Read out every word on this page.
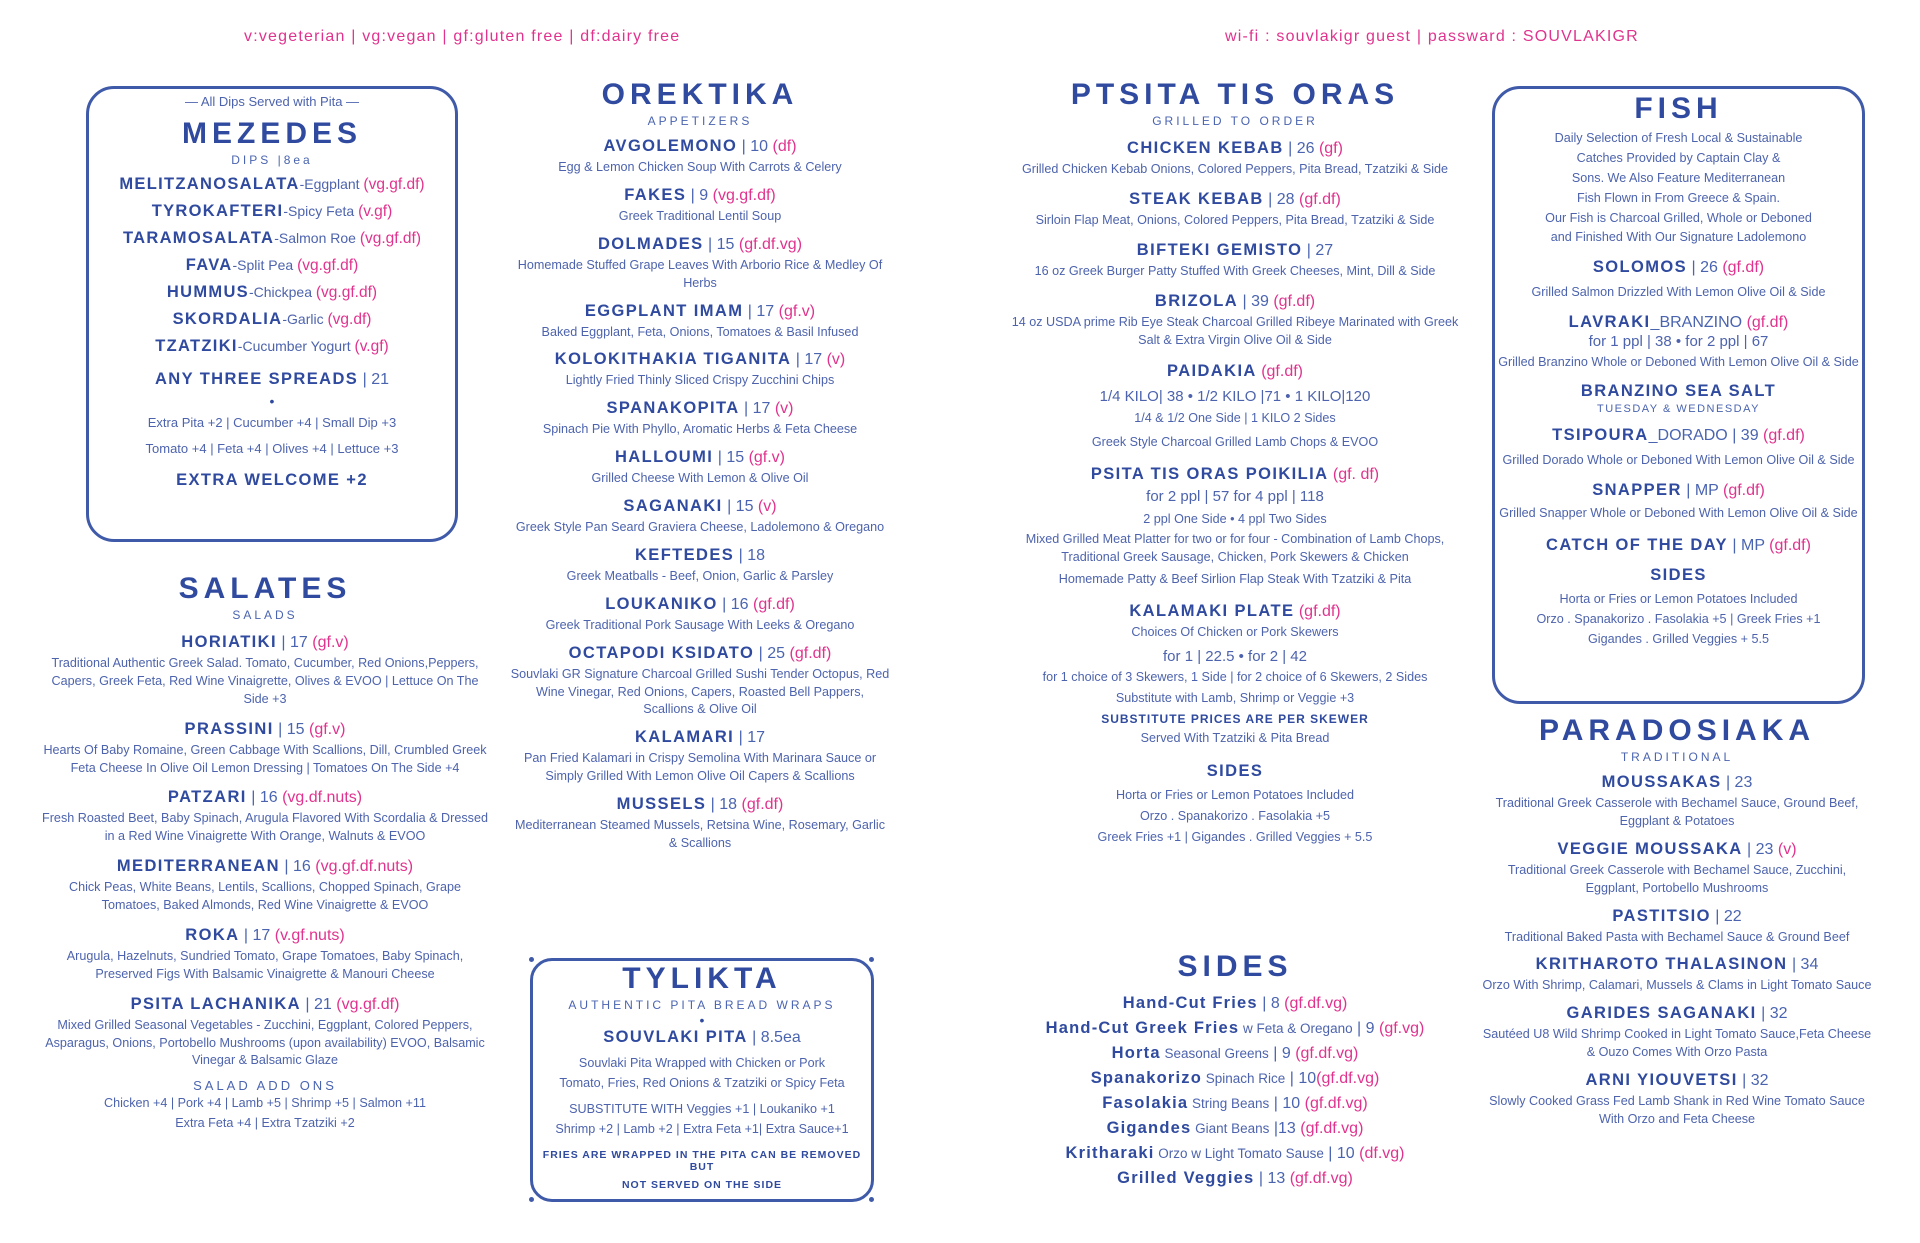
v:vegeterian | vg:vegan | gf:gluten free | df:dairy free	wi-fi : souvlakigr guest | passward : SOUVLAKIGR
— All Dips Served with Pita —
MEZEDES
DIPS |8ea
MELITZANOSALATA-Eggplant (vg.gf.df)
TYROKAFTERI-Spicy Feta (v.gf)
TARAMOSALATA-Salmon Roe (vg.gf.df)
FAVA-Split Pea (vg.gf.df)
HUMMUS-Chickpea (vg.gf.df)
SKORDALIA-Garlic (vg.df)
TZATZIKI-Cucumber Yogurt (v.gf)
ANY THREE SPREADS | 21
•
Extra Pita +2 | Cucumber +4 | Small Dip +3
Tomato +4 | Feta +4 | Olives +4 | Lettuce +3
EXTRA WELCOME +2
SALATES
SALADS
HORIATIKI | 17 (gf.v)
Traditional Authentic Greek Salad. Tomato, Cucumber, Red Onions,Peppers, Capers, Greek Feta, Red Wine Vinaigrette, Olives & EVOO | Lettuce On The Side +3
PRASSINI | 15 (gf.v)
Hearts Of Baby Romaine, Green Cabbage With Scallions, Dill, Crumbled Greek Feta Cheese In Olive Oil Lemon Dressing | Tomatoes On The Side +4
PATZARI | 16 (vg.df.nuts)
Fresh Roasted Beet, Baby Spinach, Arugula Flavored With Scordalia & Dressed in a Red Wine Vinaigrette With Orange, Walnuts & EVOO
MEDITERRANEAN | 16 (vg.gf.df.nuts)
Chick Peas, White Beans, Lentils, Scallions, Chopped Spinach, Grape Tomatoes, Baked Almonds, Red Wine Vinaigrette & EVOO
ROKA | 17 (v.gf.nuts)
Arugula, Hazelnuts, Sundried Tomato, Grape Tomatoes, Baby Spinach, Preserved Figs With Balsamic Vinaigrette & Manouri Cheese
PSITA LACHANIKA | 21 (vg.gf.df)
Mixed Grilled Seasonal Vegetables - Zucchini, Eggplant, Colored Peppers, Asparagus, Onions, Portobello Mushrooms (upon availability) EVOO, Balsamic Vinegar & Balsamic Glaze
SALAD ADD ONS
Chicken +4 | Pork +4 | Lamb +5 | Shrimp +5 | Salmon +11
Extra Feta +4 | Extra Tzatziki +2
OREKTIKA
APPETIZERS
AVGOLEMONO | 10 (df)
Egg & Lemon Chicken Soup With Carrots & Celery
FAKES | 9 (vg.gf.df)
Greek Traditional Lentil Soup
DOLMADES | 15 (gf.df.vg)
Homemade Stuffed Grape Leaves With Arborio Rice & Medley Of Herbs
EGGPLANT IMAM | 17 (gf.v)
Baked Eggplant, Feta, Onions, Tomatoes & Basil Infused
KOLOKITHAKIA TIGANITA | 17 (v)
Lightly Fried Thinly Sliced Crispy Zucchini Chips
SPANAKOPITA | 17 (v)
Spinach Pie With Phyllo, Aromatic Herbs & Feta Cheese
HALLOUMI | 15 (gf.v)
Grilled Cheese With Lemon & Olive Oil
SAGANAKI | 15 (v)
Greek Style Pan Seard Graviera Cheese, Ladolemono & Oregano
KEFTEDES | 18
Greek Meatballs - Beef, Onion, Garlic & Parsley
LOUKANIKO | 16 (gf.df)
Greek Traditional Pork Sausage With Leeks & Oregano
OCTAPODI KSIDATO | 25 (gf.df)
Souvlaki GR Signature Charcoal Grilled Sushi Tender Octopus, Red Wine Vinegar, Red Onions, Capers, Roasted Bell Pappers, Scallions & Olive Oil
KALAMARI | 17
Pan Fried Kalamari in Crispy Semolina With Marinara Sauce or Simply Grilled With Lemon Olive Oil Capers & Scallions
MUSSELS | 18 (gf.df)
Mediterranean Steamed Mussels, Retsina Wine, Rosemary, Garlic & Scallions
TYLIKTA
AUTHENTIC PITA BREAD WRAPS
•
SOUVLAKI PITA | 8.5ea
Souvlaki Pita Wrapped with Chicken or Pork
Tomato, Fries, Red Onions & Tzatziki or Spicy Feta
SUBSTITUTE WITH Veggies +1 | Loukaniko +1
Shrimp +2 | Lamb +2 | Extra Feta +1| Extra Sauce+1
FRIES ARE WRAPPED IN THE PITA CAN BE REMOVED BUT
NOT SERVED ON THE SIDE
PTSITA TIS ORAS
GRILLED TO ORDER
CHICKEN KEBAB | 26 (gf)
Grilled Chicken Kebab Onions, Colored Peppers, Pita Bread, Tzatziki & Side
STEAK KEBAB | 28 (gf.df)
Sirloin Flap Meat, Onions, Colored Peppers, Pita Bread, Tzatziki & Side
BIFTEKI GEMISTO | 27
16 oz Greek Burger Patty Stuffed With Greek Cheeses, Mint, Dill & Side
BRIZOLA | 39 (gf.df)
14 oz USDA prime Rib Eye Steak Charcoal Grilled Ribeye Marinated with Greek Salt & Extra Virgin Olive Oil & Side
PAIDAKIA (gf.df)
1/4 KILO| 38 • 1/2 KILO |71 • 1 KILO|120
1/4 & 1/2 One Side | 1 KILO 2 Sides
Greek Style Charcoal Grilled Lamb Chops & EVOO
PSITA TIS ORAS POIKILIA (gf. df)
for 2 ppl | 57 for 4 ppl | 118
2 ppl One Side • 4 ppl Two Sides
Mixed Grilled Meat Platter for two or for four - Combination of Lamb Chops, Traditional Greek Sausage, Chicken, Pork Skewers & Chicken
Homemade Patty & Beef Sirlion Flap Steak With Tzatziki & Pita
KALAMAKI PLATE (gf.df)
Choices Of Chicken or Pork Skewers
for 1 | 22.5 • for 2 | 42
for 1 choice of 3 Skewers, 1 Side | for 2 choice of 6 Skewers, 2 Sides
Substitute with Lamb, Shrimp or Veggie +3
SUBSTITUTE PRICES ARE PER SKEWER
Served With Tzatziki & Pita Bread
SIDES
Horta or Fries or Lemon Potatoes Included
Orzo . Spanakorizo . Fasolakia +5
Greek Fries +1 | Gigandes . Grilled Veggies + 5.5
SIDES
Hand-Cut Fries | 8 (gf.df.vg)
Hand-Cut Greek Fries w Feta & Oregano | 9 (gf.vg)
Horta Seasonal Greens | 9 (gf.df.vg)
Spanakorizo Spinach Rice | 10(gf.df.vg)
Fasolakia String Beans | 10 (gf.df.vg)
Gigandes Giant Beans |13 (gf.df.vg)
Kritharaki Orzo w Light Tomato Sause | 10 (df.vg)
Grilled Veggies | 13 (gf.df.vg)
FISH
Daily Selection of Fresh Local & Sustainable
Catches Provided by Captain Clay &
Sons. We Also Feature Mediterranean
Fish Flown in From Greece & Spain.
Our Fish is Charcoal Grilled, Whole or Deboned
and Finished With Our Signature Ladolemono
SOLOMOS | 26 (gf.df)
Grilled Salmon Drizzled With Lemon Olive Oil & Side
LAVRAKI_BRANZINO (gf.df)
for 1 ppl | 38 • for 2 ppl | 67
Grilled Branzino Whole or Deboned With Lemon Olive Oil & Side
BRANZINO SEA SALT
TUESDAY & WEDNESDAY
TSIPOURA_DORADO | 39 (gf.df)
Grilled Dorado Whole or Deboned With Lemon Olive Oil & Side
SNAPPER | MP (gf.df)
Grilled Snapper Whole or Deboned With Lemon Olive Oil & Side
CATCH OF THE DAY | MP (gf.df)
SIDES
Horta or Fries or Lemon Potatoes Included
Orzo . Spanakorizo . Fasolakia +5 | Greek Fries +1
Gigandes . Grilled Veggies + 5.5
PARADOSIAKA
TRADITIONAL
MOUSSAKAS | 23
Traditional Greek Casserole with Bechamel Sauce, Ground Beef, Eggplant & Potatoes
VEGGIE MOUSSAKA | 23 (v)
Traditional Greek Casserole with Bechamel Sauce, Zucchini, Eggplant, Portobello Mushrooms
PASTITSIO | 22
Traditional Baked Pasta with Bechamel Sauce & Ground Beef
KRITHAROTO THALASINON | 34
Orzo With Shrimp, Calamari, Mussels & Clams in Light Tomato Sauce
GARIDES SAGANAKI | 32
Sautéed U8 Wild Shrimp Cooked in Light Tomato Sauce,Feta Cheese & Ouzo Comes With Orzo Pasta
ARNI YIOUVETSI | 32
Slowly Cooked Grass Fed Lamb Shank in Red Wine Tomato Sauce With Orzo and Feta Cheese
